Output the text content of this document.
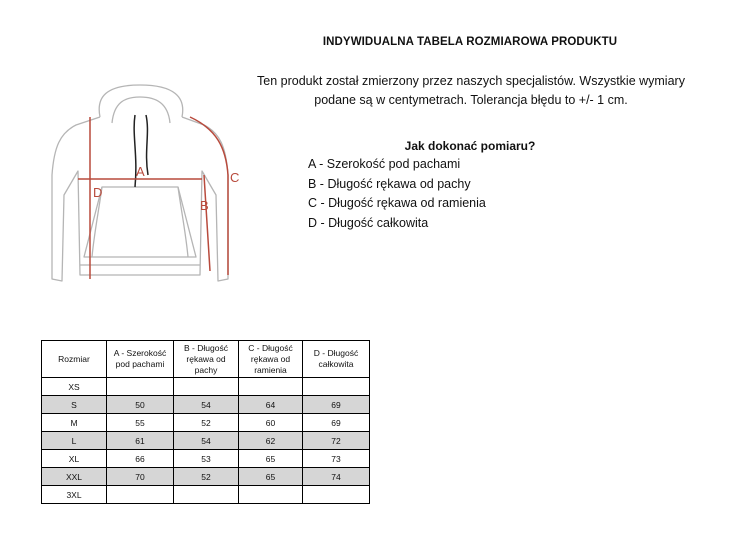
A
B
C
D
INDYWIDUALNA TABELA ROZMIAROWA PRODUKTU
Ten produkt został zmierzony przez naszych specjalistów. Wszystkie wymiary
podane są w centymetrach. Tolerancja błędu to +/- 1 cm.
Jak dokonać pomiaru?
A - Szerokość pod pachami
B - Długość rękawa od pachy
C - Długość rękawa od ramienia
D - Długość całkowita
Rozmiar	A - Szerokość pod pachami	B - Długość rękawa od pachy	C - Długość rękawa od ramienia	D - Długość całkowita
XS				
S	50	54	64	69
M	55	52	60	69
L	61	54	62	72
XL	66	53	65	73
XXL	70	52	65	74
3XL				
